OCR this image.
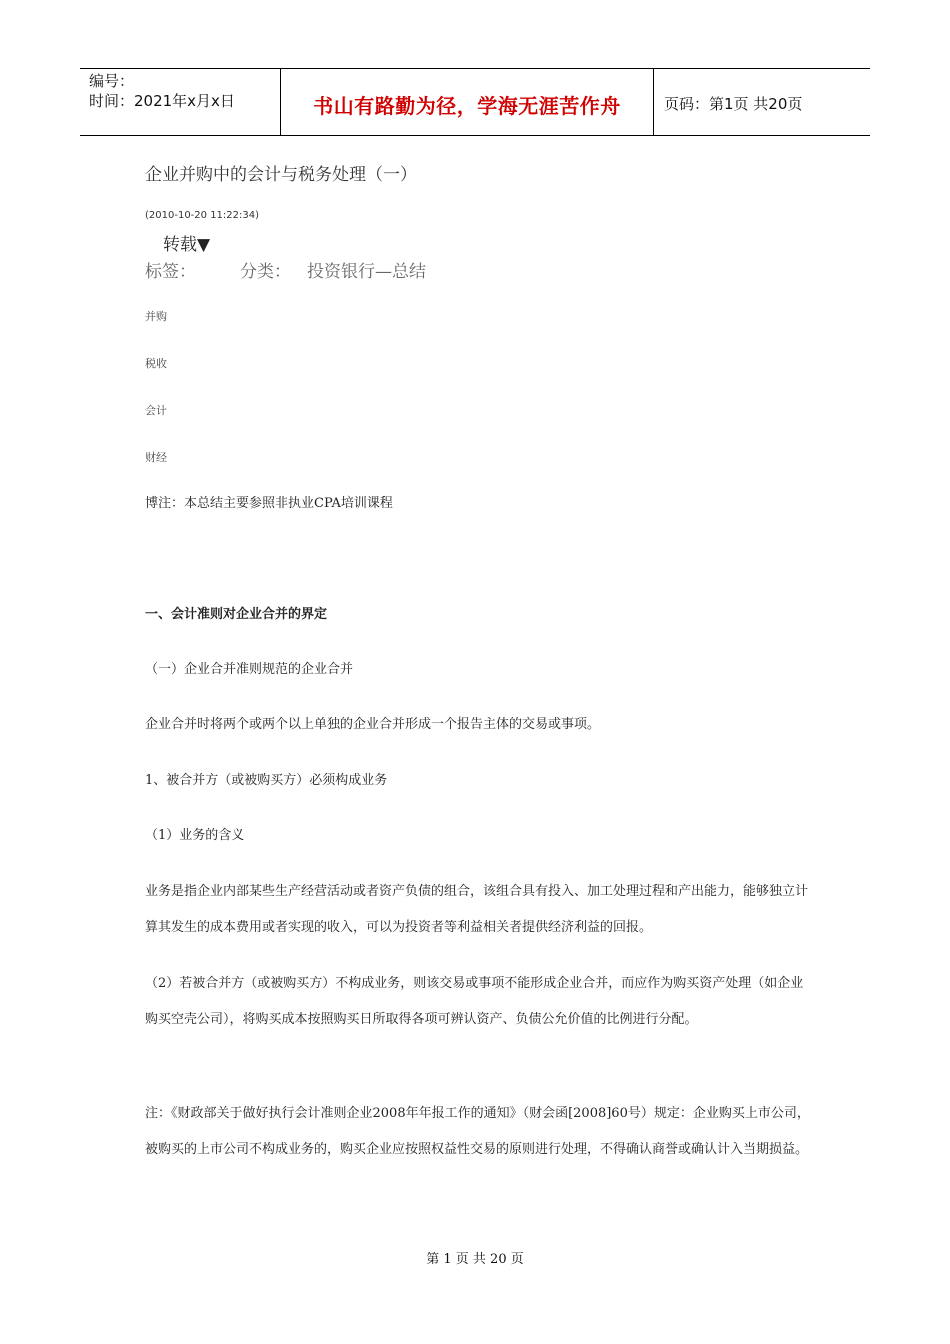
编号：
时间：2021年x月x日	书山有路勤为径，学海无涯苦作舟	页码：第1页 共20页
企业并购中的会计与税务处理（一）
(2010-10-20 11:22:34)
转载▼
标签：	分类： 投资银行—总结
并购
税收
会计
财经
博注：本总结主要参照非执业CPA培训课程
一、会计准则对企业合并的界定
（一）企业合并准则规范的企业合并
企业合并时将两个或两个以上单独的企业合并形成一个报告主体的交易或事项。
1、被合并方（或被购买方）必须构成业务
（1）业务的含义
业务是指企业内部某些生产经营活动或者资产负债的组合，该组合具有投入、加工处理过程和产出能力，能够独立计算其发生的成本费用或者实现的收入，可以为投资者等利益相关者提供经济利益的回报。
（2）若被合并方（或被购买方）不构成业务，则该交易或事项不能形成企业合并，而应作为购买资产处理（如企业购买空壳公司），将购买成本按照购买日所取得各项可辨认资产、负债公允价值的比例进行分配。
注：《财政部关于做好执行会计准则企业2008年年报工作的通知》（财会函[2008]60号）规定：企业购买上市公司，被购买的上市公司不构成业务的，购买企业应按照权益性交易的原则进行处理，不得确认商誉或确认计入当期损益。
第 1 页 共 20 页
